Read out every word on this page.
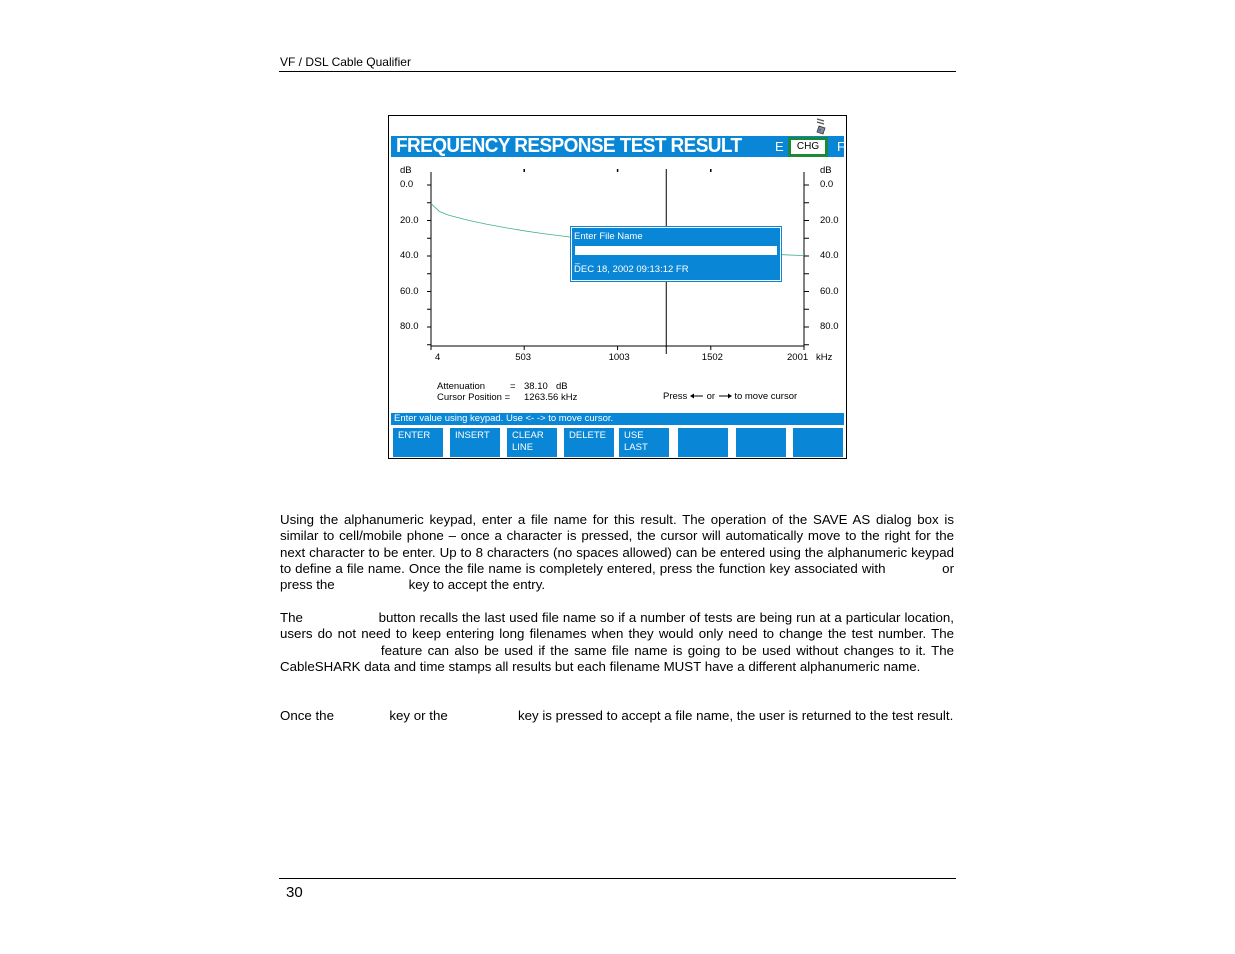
VF / DSL Cable Qualifier
FREQUENCY RESPONSE TEST RESULT	E	CHG	F
dB	dB
kHz
0.0	0.0
20.0	20.0
40.0	40.0
60.0	60.0
80.0	80.0
4	503	1003	1502	2001
Enter File Name
_
DEC 18, 2002 09:13:12 FR
Attenuation	= 38.10 dB
Cursor Position = 1263.56 kHz	Press or to move cursor
Enter value using keypad. Use <- -> to move cursor.
ENTER	INSERT	CLEAR
LINE
DELETE	USE
LAST

Using the alphanumeric keypad, enter a file name for this result. The operation of the SAVE AS dialog box is similar to cell/mobile phone – once a character is pressed, the cursor will automatically move to the right for the next character to be enter. Up to 8 characters (no spaces allowed) can be entered using the alphanumeric keypad to define a file name. Once the file name is completely entered, press the function key associated with              or press the                    key to accept the entry.

The                   button recalls the last used file name so if a number of tests are being run at a particular location, users do not need to keep entering long filenames when they would only need to change the test number. The                    feature can also be used if the same file name is going to be used without changes to it. The CableSHARK data and time stamps all results but each filename MUST have a different alphanumeric name.

Once the               key or the                   key is pressed to accept a file name, the user is returned to the test result.

30
